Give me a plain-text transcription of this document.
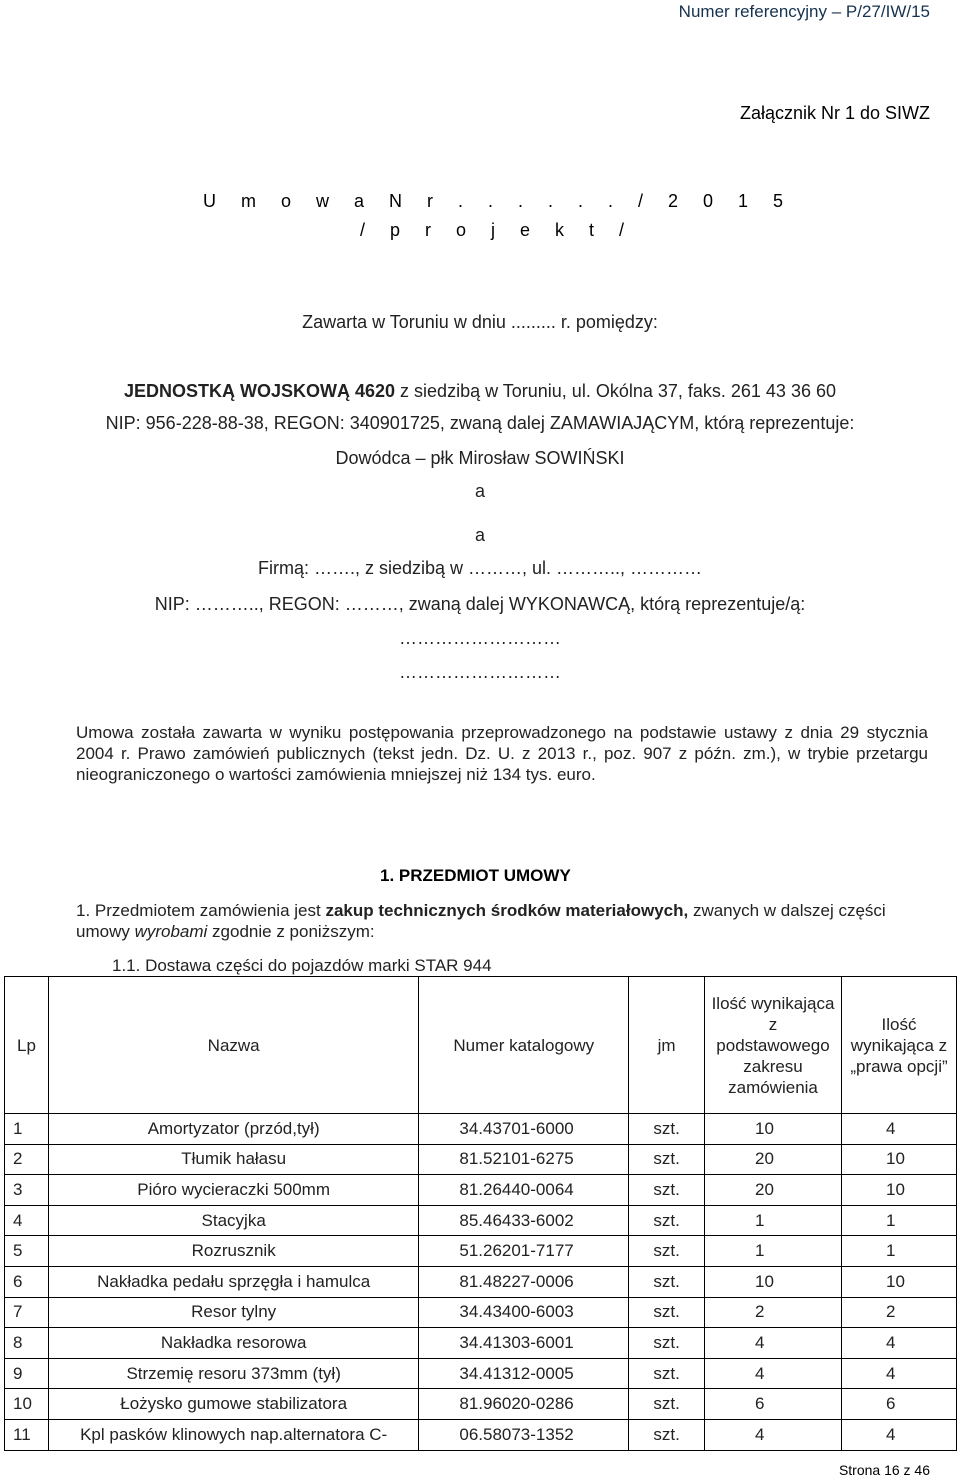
Numer referencyjny – P/27/IW/15
Załącznik Nr 1 do SIWZ
U m o w a N r . . . . . . / 2 0 1 5
/ p r o j e k t /
Zawarta w Toruniu w dniu ......... r. pomiędzy:
JEDNOSTKĄ WOJSKOWĄ 4620 z siedzibą w Toruniu, ul. Okólna 37, faks. 261 43 36 60
NIP: 956-228-88-38, REGON: 340901725, zwaną dalej ZAMAWIAJĄCYM, którą reprezentuje:
Dowódca – płk Mirosław SOWIŃSKI
a
a
Firmą: ……., z siedzibą w ………, ul. ……….., …………
NIP: ……….., REGON: ………, zwaną dalej WYKONAWCĄ, którą reprezentuje/ą:
………………………
………………………
Umowa została zawarta w wyniku postępowania przeprowadzonego na podstawie ustawy z dnia 29 stycznia 2004 r. Prawo zamówień publicznych (tekst jedn. Dz. U. z 2013 r., poz. 907 z późn. zm.), w trybie przetargu nieograniczonego o wartości zamówienia mniejszej niż 134 tys. euro.
1. PRZEDMIOT UMOWY
1. Przedmiotem zamówienia jest zakup technicznych środków materiałowych, zwanych w dalszej części umowy wyrobami zgodnie z poniższym:
1.1. Dostawa części do pojazdów marki STAR 944
Lp	Nazwa	Numer katalogowy	jm	Ilość wynikająca z podstawowego zakresu zamówienia	Ilość wynikająca z „prawa opcji”
1	Amortyzator (przód,tył)	34.43701-6000	szt.	10	4
2	Tłumik hałasu	81.52101-6275	szt.	20	10
3	Pióro wycieraczki 500mm	81.26440-0064	szt.	20	10
4	Stacyjka	85.46433-6002	szt.	1	1
5	Rozrusznik	51.26201-7177	szt.	1	1
6	Nakładka pedału sprzęgła i hamulca	81.48227-0006	szt.	10	10
7	Resor tylny	34.43400-6003	szt.	2	2
8	Nakładka resorowa	34.41303-6001	szt.	4	4
9	Strzemię resoru 373mm (tył)	34.41312-0005	szt.	4	4
10	Łożysko gumowe stabilizatora	81.96020-0286	szt.	6	6
11	Kpl pasków klinowych nap.alternatora C-	06.58073-1352	szt.	4	4
Strona 16 z 46
